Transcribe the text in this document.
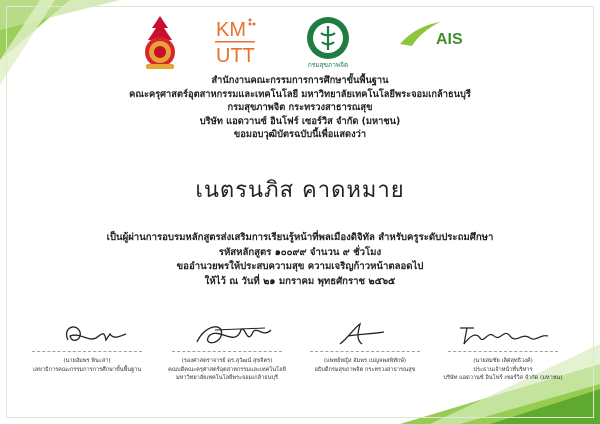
KM
UTT	กรมสุขภาพจิต
AIS
สำนักงานคณะกรรมการการศึกษาขั้นพื้นฐาน
คณะครุศาสตร์อุตสาหกรรมและเทคโนโลยี มหาวิทยาลัยเทคโนโลยีพระจอมเกล้าธนบุรี
กรมสุขภาพจิต กระทรวงสาธารณสุข
บริษัท แอดวานซ์ อินโฟร์ เซอร์วิส จำกัด (มหาชน)
ขอมอบวุฒิบัตรฉบับนี้เพื่อแสดงว่า
เนตรนภิส คาดหมาย
เป็นผู้ผ่านการอบรมหลักสูตรส่งเสริมการเรียนรู้หน้าที่พลเมืองดิจิทัล สำหรับครูระดับประถมศึกษา
รหัสหลักสูตร ๑๐๐๙๙ จำนวน ๙ ชั่วโมง
ขออำนวยพรให้ประสบความสุข ความเจริญก้าวหน้าตลอดไป
ให้ไว้ ณ วันที่ ๒๑ มกราคม พุทธศักราช ๒๕๖๕
(นายอัมพร พินะสา)
เลขาธิการคณะกรรมการการศึกษาขั้นพื้นฐาน
(รองศาสตราจารย์ ดร.สุวัฒน์ สุขจิตร)
คณบดีคณะครุศาสตร์อุตสาหกรรมและเทคโนโลยี
มหาวิทยาลัยเทคโนโลยีพระจอมเกล้าธนบุรี
(แพทย์หญิง อัมพร เบญจพลพิทักษ์)
อธิบดีกรมสุขภาพจิต กระทรวงสาธารณสุข
(นายสมชัย เลิศสุทธิวงค์)
ประธานเจ้าหน้าที่บริหาร
บริษัท แอดวานซ์ อินโฟร์ เซอร์วิส จำกัด (มหาชน)
